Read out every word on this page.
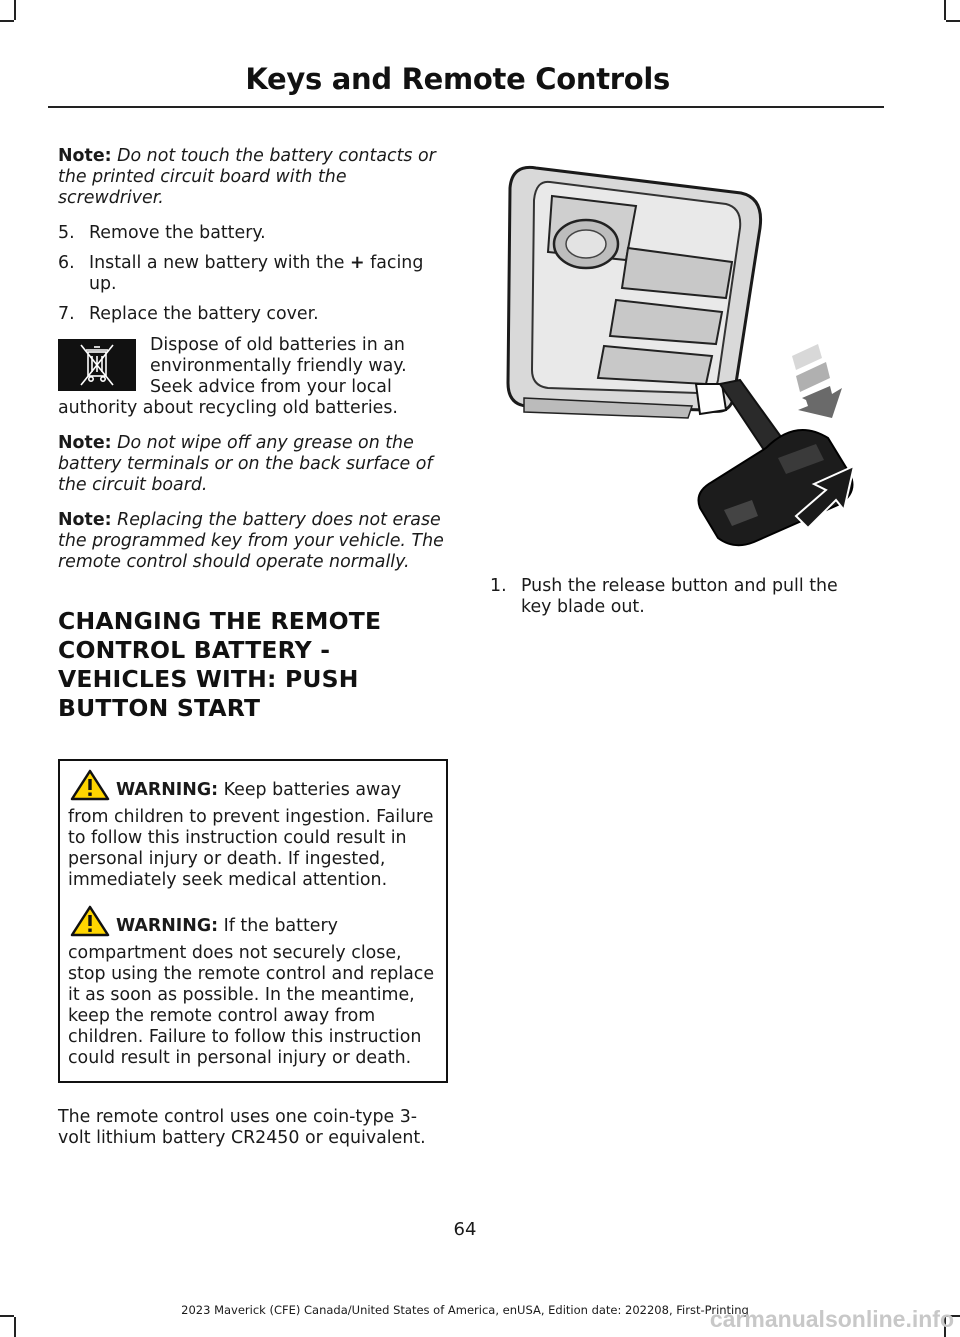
Keys and Remote Controls

Note: Do not touch the battery contacts or the printed circuit board with the screwdriver.

5. Remove the battery.
6. Install a new battery with the + facing up.
7. Replace the battery cover.
Dispose of old batteries in an environmentally friendly way. Seek advice from your local authority about recycling old batteries.

Note: Do not wipe off any grease on the battery terminals or on the back surface of the circuit board.

Note: Replacing the battery does not erase the programmed key from your vehicle. The remote control should operate normally.

CHANGING THE REMOTE CONTROL BATTERY - VEHICLES WITH: PUSH BUTTON START
WARNING: Keep batteries away from children to prevent ingestion. Failure to follow this instruction could result in personal injury or death. If ingested, immediately seek medical attention.
WARNING: If the battery compartment does not securely close, stop using the remote control and replace it as soon as possible. In the meantime, keep the remote control away from children. Failure to follow this instruction could result in personal injury or death.

The remote control uses one coin-type 3-volt lithium battery CR2450 or equivalent.

1. Push the release button and pull the key blade out.
64
2023 Maverick (CFE) Canada/United States of America, enUSA, Edition date: 202208, First-Printing
carmanualsonline.info
